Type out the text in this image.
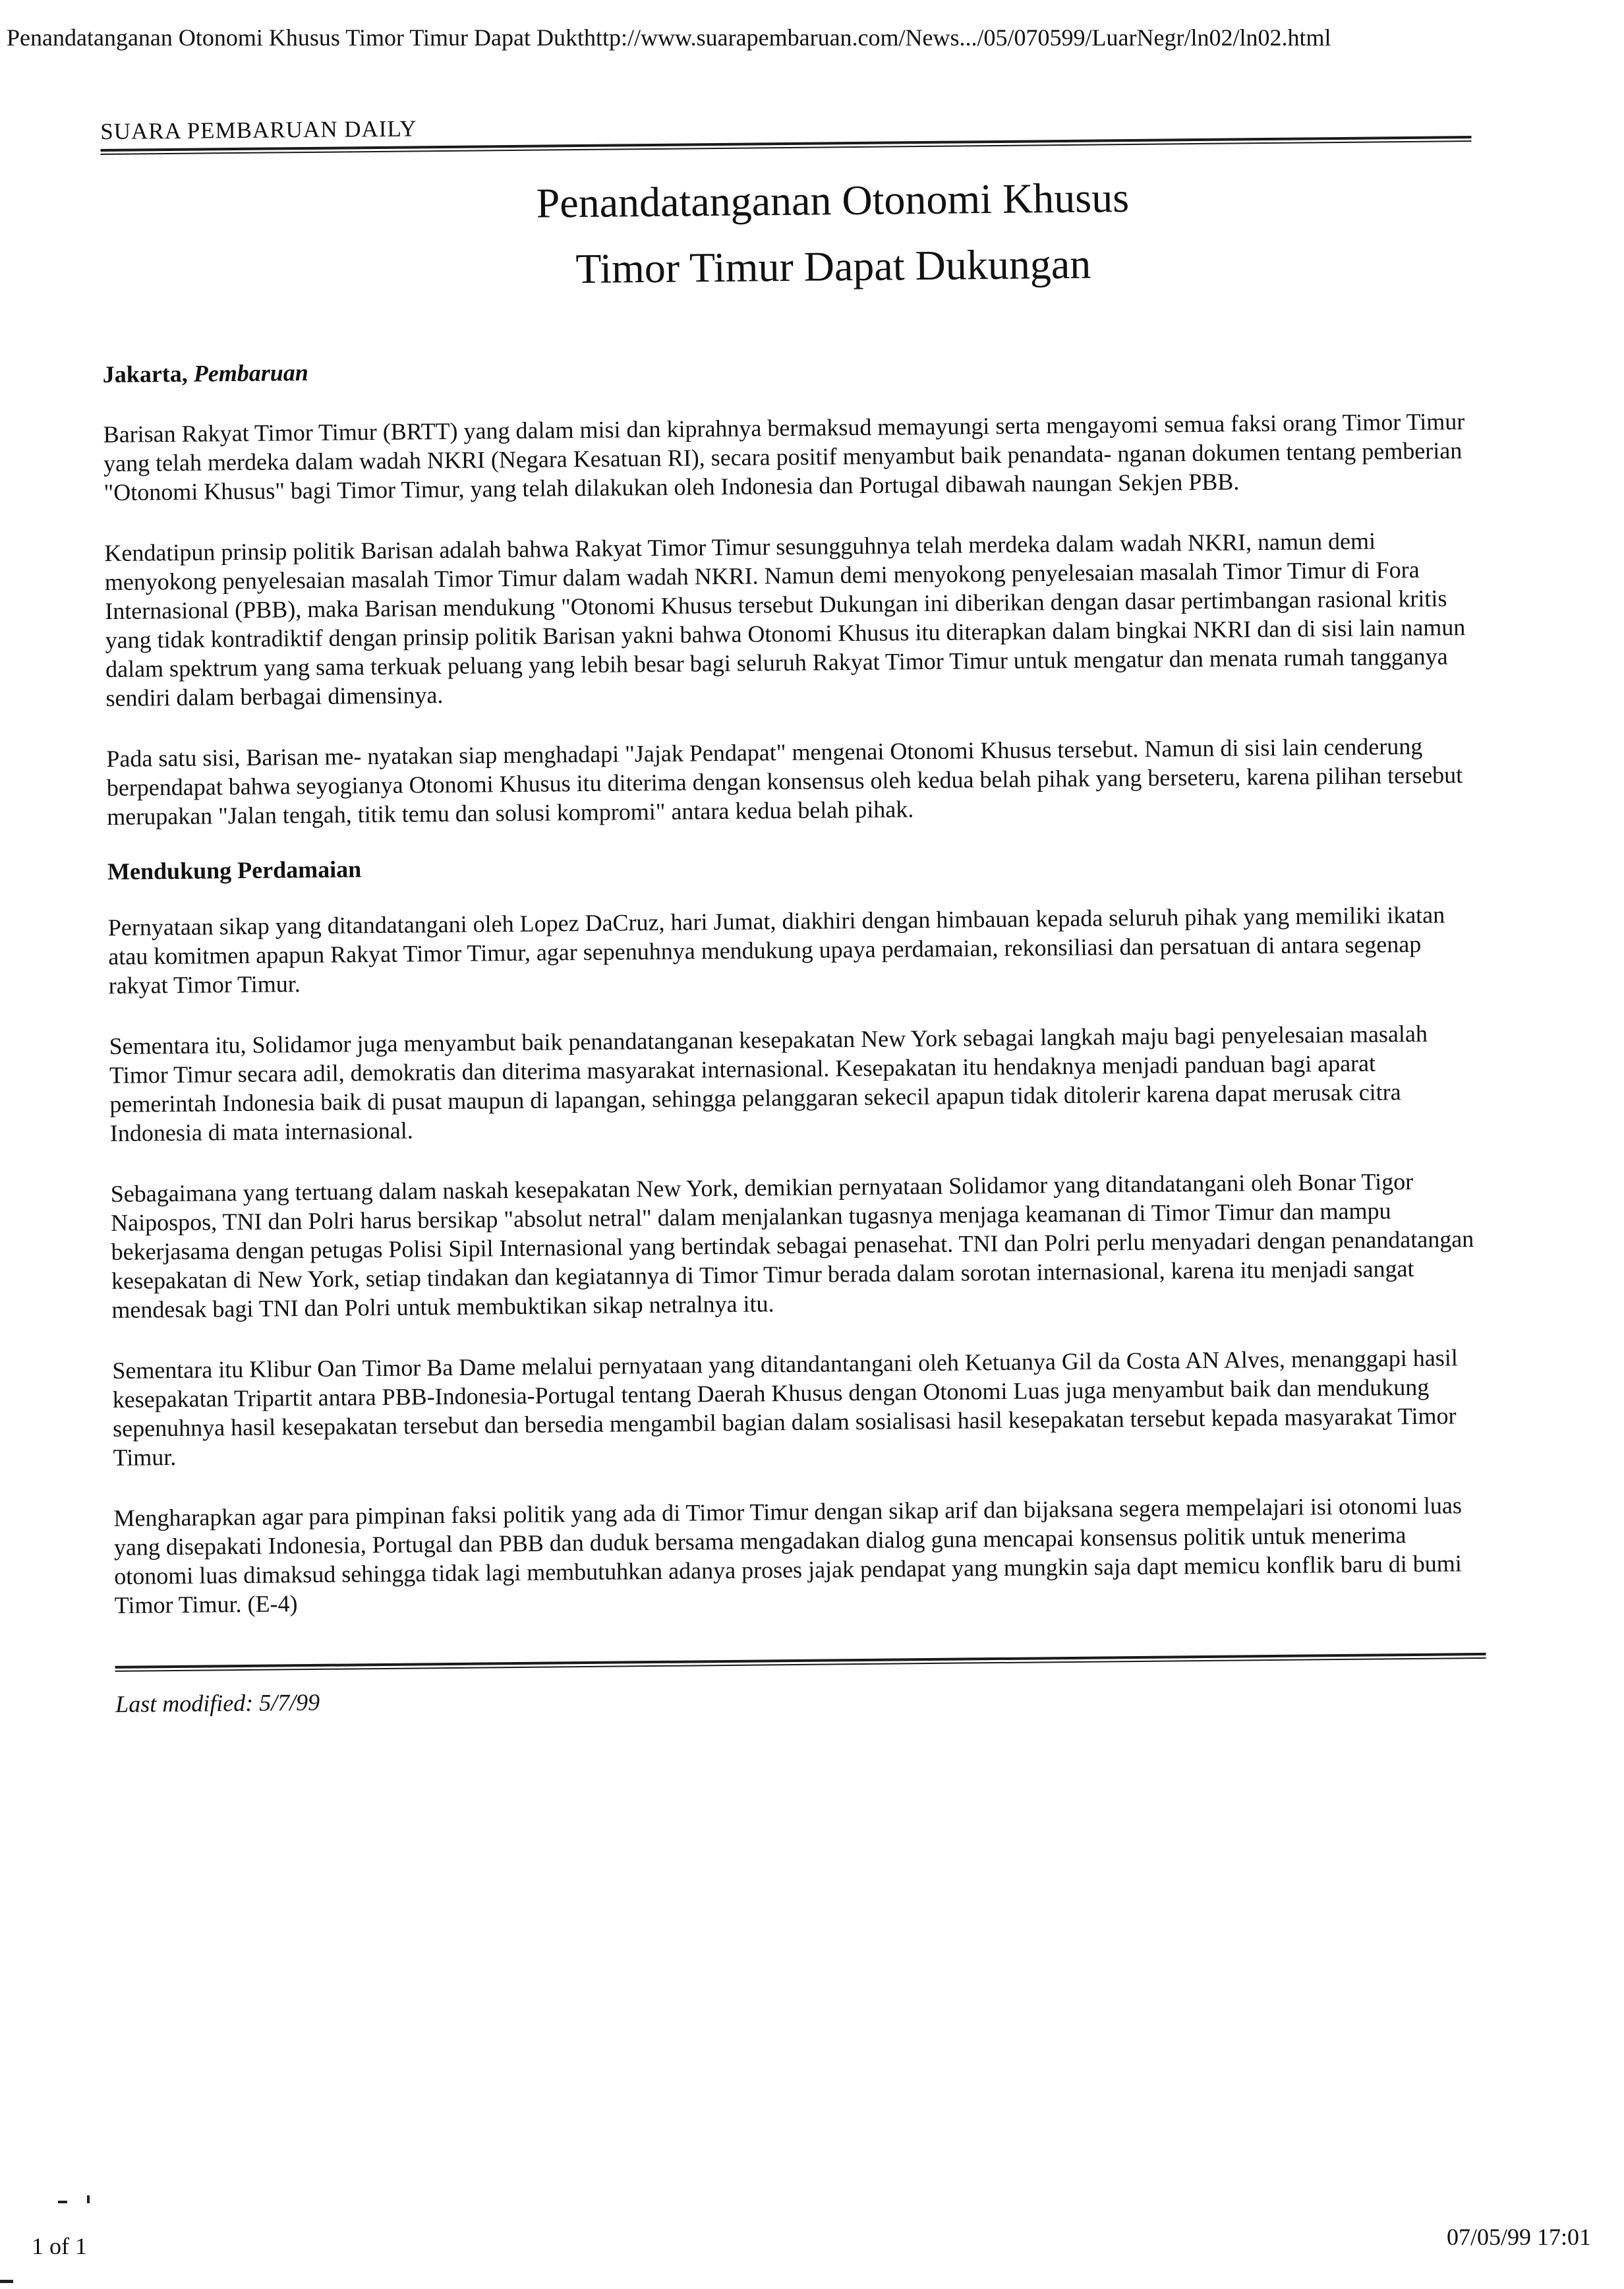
Penandatanganan Otonomi Khusus Timor Timur Dapat Dukthttp://www.suarapembaruan.com/News.../05/070599/LuarNegr/ln02/ln02.html
SUARA PEMBARUAN DAILY
Penandatanganan Otonomi Khusus
Timor Timur Dapat Dukungan
Jakarta, Pembaruan

Barisan Rakyat Timor Timur (BRTT) yang dalam misi dan kiprahnya bermaksud memayungi serta mengayomi semua faksi orang Timor Timur yang telah merdeka dalam wadah NKRI (Negara Kesatuan RI), secara positif menyambut baik penandata- nganan dokumen tentang pemberian "Otonomi Khusus" bagi Timor Timur, yang telah dilakukan oleh Indonesia dan Portugal dibawah naungan Sekjen PBB.

Kendatipun prinsip politik Barisan adalah bahwa Rakyat Timor Timur sesungguhnya telah merdeka dalam wadah NKRI, namun demi menyokong penyelesaian masalah Timor Timur dalam wadah NKRI. Namun demi menyokong penyelesaian masalah Timor Timur di Fora Internasional (PBB), maka Barisan mendukung "Otonomi Khusus tersebut Dukungan ini diberikan dengan dasar pertimbangan rasional kritis yang tidak kontradiktif dengan prinsip politik Barisan yakni bahwa Otonomi Khusus itu diterapkan dalam bingkai NKRI dan di sisi lain namun dalam spektrum yang sama terkuak peluang yang lebih besar bagi seluruh Rakyat Timor Timur untuk mengatur dan menata rumah tangganya sendiri dalam berbagai dimensinya.

Pada satu sisi, Barisan me- nyatakan siap menghadapi "Jajak Pendapat" mengenai Otonomi Khusus tersebut. Namun di sisi lain cenderung berpendapat bahwa seyogianya Otonomi Khusus itu diterima dengan konsensus oleh kedua belah pihak yang berseteru, karena pilihan tersebut merupakan "Jalan tengah, titik temu dan solusi kompromi" antara kedua belah pihak.

Mendukung Perdamaian

Pernyataan sikap yang ditandatangani oleh Lopez DaCruz, hari Jumat, diakhiri dengan himbauan kepada seluruh pihak yang memiliki ikatan atau komitmen apapun Rakyat Timor Timur, agar sepenuhnya mendukung upaya perdamaian, rekonsiliasi dan persatuan di antara segenap rakyat Timor Timur.

Sementara itu, Solidamor juga menyambut baik penandatanganan kesepakatan New York sebagai langkah maju bagi penyelesaian masalah Timor Timur secara adil, demokratis dan diterima masyarakat internasional. Kesepakatan itu hendaknya menjadi panduan bagi aparat pemerintah Indonesia baik di pusat maupun di lapangan, sehingga pelanggaran sekecil apapun tidak ditolerir karena dapat merusak citra Indonesia di mata internasional.

Sebagaimana yang tertuang dalam naskah kesepakatan New York, demikian pernyataan Solidamor yang ditandatangani oleh Bonar Tigor Naipospos, TNI dan Polri harus bersikap "absolut netral" dalam menjalankan tugasnya menjaga keamanan di Timor Timur dan mampu bekerjasama dengan petugas Polisi Sipil Internasional yang bertindak sebagai penasehat. TNI dan Polri perlu menyadari dengan penandatangan kesepakatan di New York, setiap tindakan dan kegiatannya di Timor Timur berada dalam sorotan internasional, karena itu menjadi sangat mendesak bagi TNI dan Polri untuk membuktikan sikap netralnya itu.

Sementara itu Klibur Oan Timor Ba Dame melalui pernyataan yang ditandantangani oleh Ketuanya Gil da Costa AN Alves, menanggapi hasil kesepakatan Tripartit antara PBB-Indonesia-Portugal tentang Daerah Khusus dengan Otonomi Luas juga menyambut baik dan mendukung sepenuhnya hasil kesepakatan tersebut dan bersedia mengambil bagian dalam sosialisasi hasil kesepakatan tersebut kepada masyarakat Timor Timur.

Mengharapkan agar para pimpinan faksi politik yang ada di Timor Timur dengan sikap arif dan bijaksana segera mempelajari isi otonomi luas yang disepakati Indonesia, Portugal dan PBB dan duduk bersama mengadakan dialog guna mencapai konsensus politik untuk menerima otonomi luas dimaksud sehingga tidak lagi membutuhkan adanya proses jajak pendapat yang mungkin saja dapt memicu konflik baru di bumi Timor Timur. (E-4)

Last modified: 5/7/99
1 of 1	07/05/99 17:01
